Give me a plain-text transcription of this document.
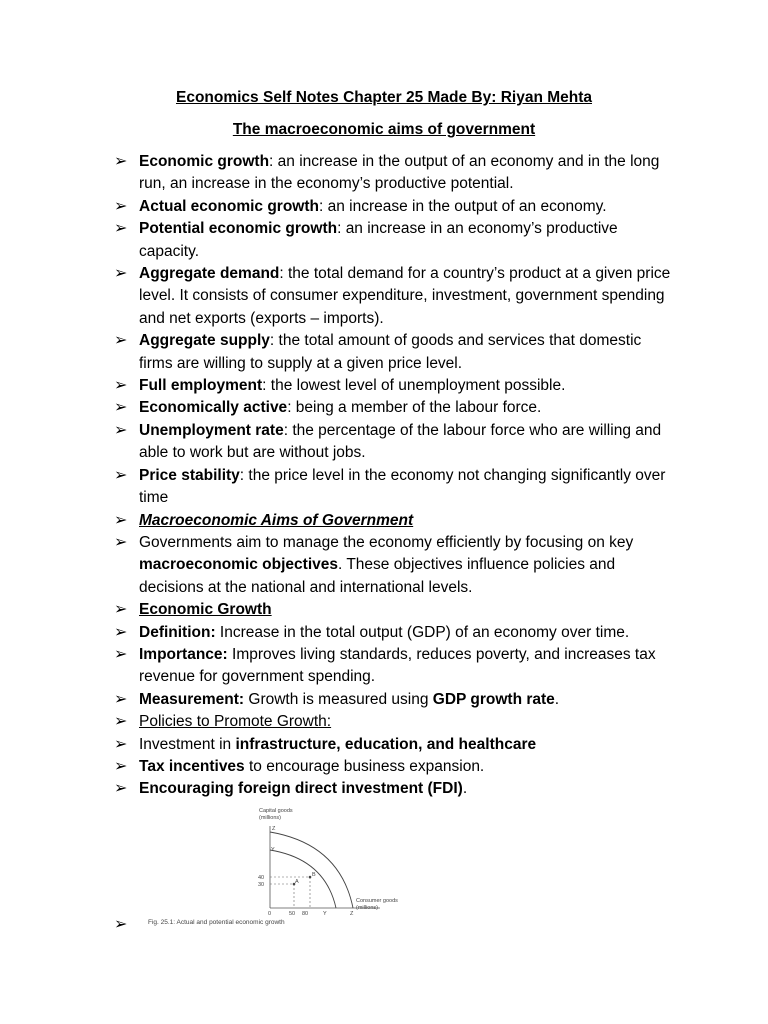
Economics Self Notes Chapter 25 Made By: Riyan Mehta
The macroeconomic aims of government
➢ Economic growth: an increase in the output of an economy and in the long run, an increase in the economy’s productive potential.
➢ Actual economic growth: an increase in the output of an economy.
➢ Potential economic growth: an increase in an economy’s productive capacity.
➢ Aggregate demand: the total demand for a country’s product at a given price level. It consists of consumer expenditure, investment, government spending and net exports (exports – imports).
➢ Aggregate supply: the total amount of goods and services that domestic firms are willing to supply at a given price level.
➢ Full employment: the lowest level of unemployment possible.
➢ Economically active: being a member of the labour force.
➢ Unemployment rate: the percentage of the labour force who are willing and able to work but are without jobs.
➢ Price stability: the price level in the economy not changing significantly over time
➢ Macroeconomic Aims of Government
➢ Governments aim to manage the economy efficiently by focusing on key macroeconomic objectives. These objectives influence policies and decisions at the national and international levels.
➢ Economic Growth
➢ Definition: Increase in the total output (GDP) of an economy over time.
➢ Importance: Improves living standards, reduces poverty, and increases tax revenue for government spending.
➢ Measurement: Growth is measured using GDP growth rate.
➢ Policies to Promote Growth:
➢ Investment in infrastructure, education, and healthcare
➢ Tax incentives to encourage business expansion.
➢ Encouraging foreign direct investment (FDI).
Capital goods
(millions)
Z
Y
40
30
0	50 80	Y	Z
A
B
Consumer goods
(millions)
Fig. 25.1: Actual and potential economic growth
➢
